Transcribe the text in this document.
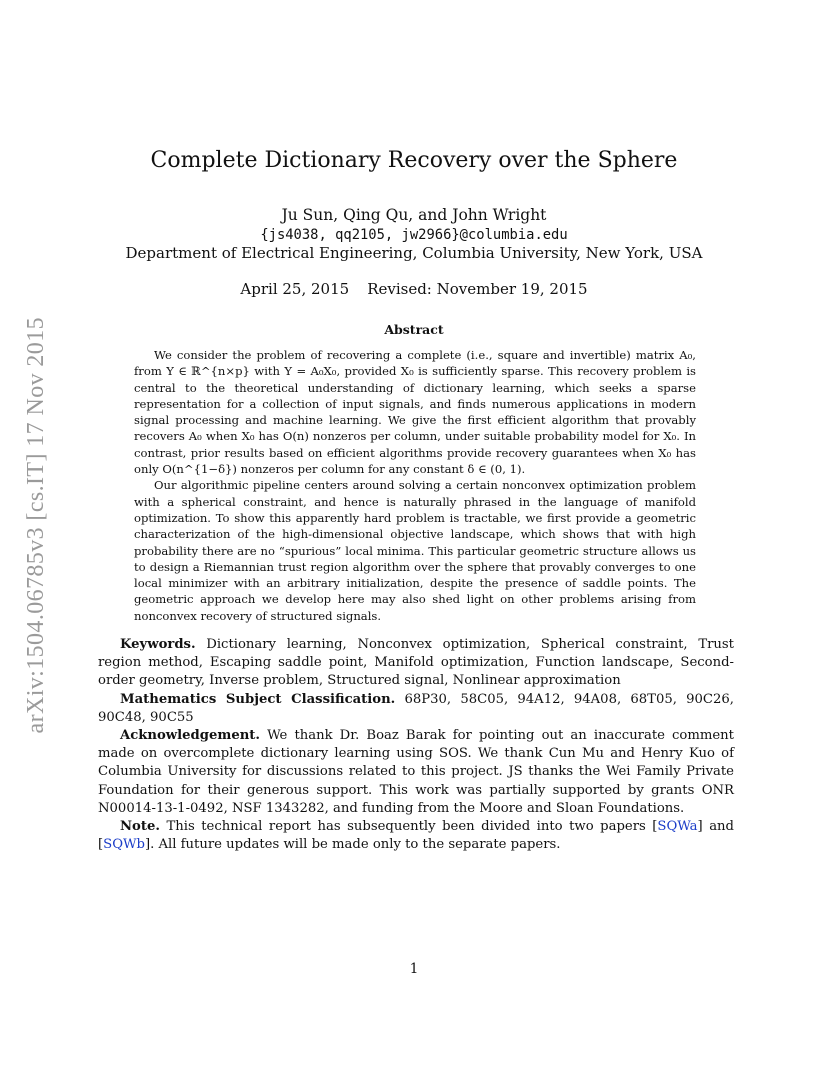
arXiv:1504.06785v3 [cs.IT] 17 Nov 2015
Complete Dictionary Recovery over the Sphere
Ju Sun, Qing Qu, and John Wright
{js4038, qq2105, jw2966}@columbia.edu
Department of Electrical Engineering, Columbia University, New York, USA
April 25, 2015 Revised: November 19, 2015
Abstract

We consider the problem of recovering a complete (i.e., square and invertible) matrix A₀, from Y ∈ ℝ^{n×p} with Y = A₀X₀, provided X₀ is sufficiently sparse. This recovery problem is central to the theoretical understanding of dictionary learning, which seeks a sparse representation for a collection of input signals, and finds numerous applications in modern signal processing and machine learning. We give the first efficient algorithm that provably recovers A₀ when X₀ has O(n) nonzeros per column, under suitable probability model for X₀. In contrast, prior results based on efficient algorithms provide recovery guarantees when X₀ has only O(n^{1−δ}) nonzeros per column for any constant δ ∈ (0, 1).

Our algorithmic pipeline centers around solving a certain nonconvex optimization problem with a spherical constraint, and hence is naturally phrased in the language of manifold optimization. To show this apparently hard problem is tractable, we first provide a geometric characterization of the high-dimensional objective landscape, which shows that with high probability there are no “spurious” local minima. This particular geometric structure allows us to design a Riemannian trust region algorithm over the sphere that provably converges to one local minimizer with an arbitrary initialization, despite the presence of saddle points. The geometric approach we develop here may also shed light on other problems arising from nonconvex recovery of structured signals.

Keywords. Dictionary learning, Nonconvex optimization, Spherical constraint, Trust region method, Escaping saddle point, Manifold optimization, Function landscape, Second-order geometry, Inverse problem, Structured signal, Nonlinear approximation

Mathematics Subject Classification. 68P30, 58C05, 94A12, 94A08, 68T05, 90C26, 90C48, 90C55

Acknowledgement. We thank Dr. Boaz Barak for pointing out an inaccurate comment made on overcomplete dictionary learning using SOS. We thank Cun Mu and Henry Kuo of Columbia University for discussions related to this project. JS thanks the Wei Family Private Foundation for their generous support. This work was partially supported by grants ONR N00014-13-1-0492, NSF 1343282, and funding from the Moore and Sloan Foundations.

Note. This technical report has subsequently been divided into two papers [SQWa] and [SQWb]. All future updates will be made only to the separate papers.

1
